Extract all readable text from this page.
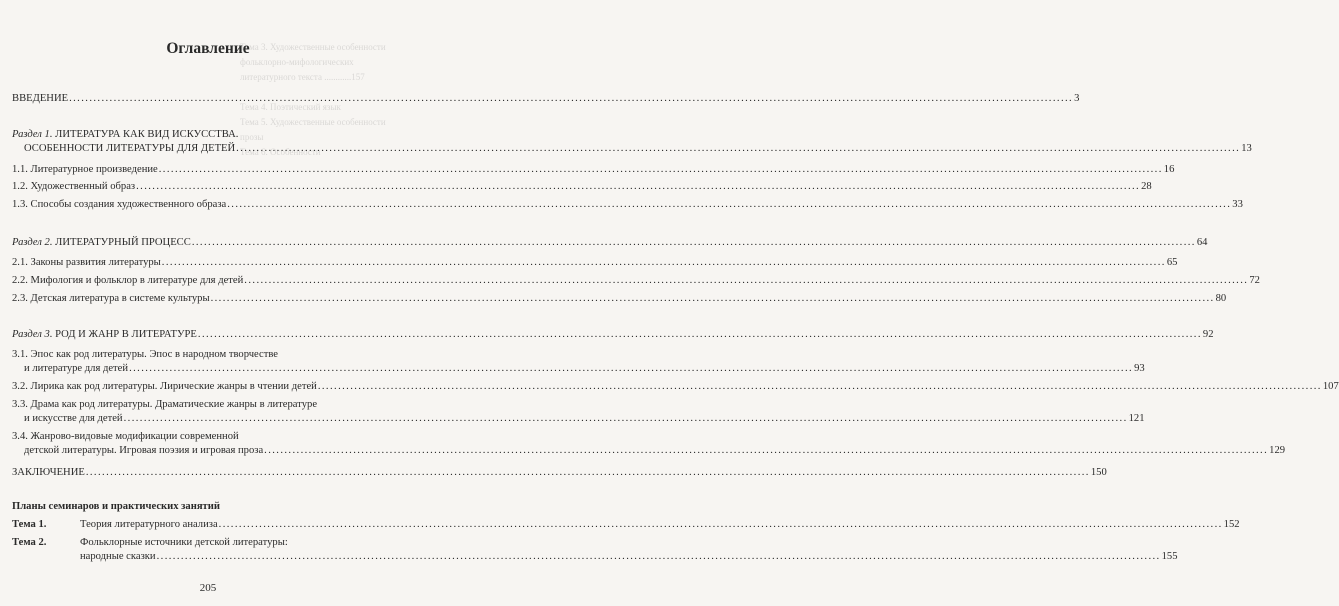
Тема 3. Художественные особенности
фольклорно-мифологических
литературного текста ............157

Тема 4. Поэтический язык
Тема 5. Художественные особенности прозы
Тема 6. Особенности
Оглавление
ВВЕДЕНИЕ .....	3
Раздел 1. ЛИТЕРАТУРА КАК ВИД ИСКУССТВА.
ОСОБЕННОСТИ ЛИТЕРАТУРЫ ДЛЯ ДЕТЕЙ .....	13
1.1. Литературное произведение .....	16
1.2. Художественный образ .....	28
1.3. Способы создания художественного образа .....	33
Раздел 2. ЛИТЕРАТУРНЫЙ ПРОЦЕСС .....	64
2.1. Законы развития литературы .....	65
2.2. Мифология и фольклор в литературе для детей .....	72
2.3. Детская литература в системе культуры .....	80
Раздел 3. РОД И ЖАНР В ЛИТЕРАТУРЕ .....	92
3.1. Эпос как род литературы. Эпос в народном творчестве
и литературе для детей .....	93
3.2. Лирика как род литературы. Лирические жанры в чтении детей .....	107
3.3. Драма как род литературы. Драматические жанры в литературе
и искусстве для детей .....	121
3.4. Жанрово-видовые модификации современной
детской литературы. Игровая поэзия и игровая проза .....	129
ЗАКЛЮЧЕНИЕ .....	150
Планы семинаров и практических занятий
Тема 1.	Теория литературного анализа .....	152
Тема 2.	Фольклорные источники детской литературы:
народные сказки .....	155
205
